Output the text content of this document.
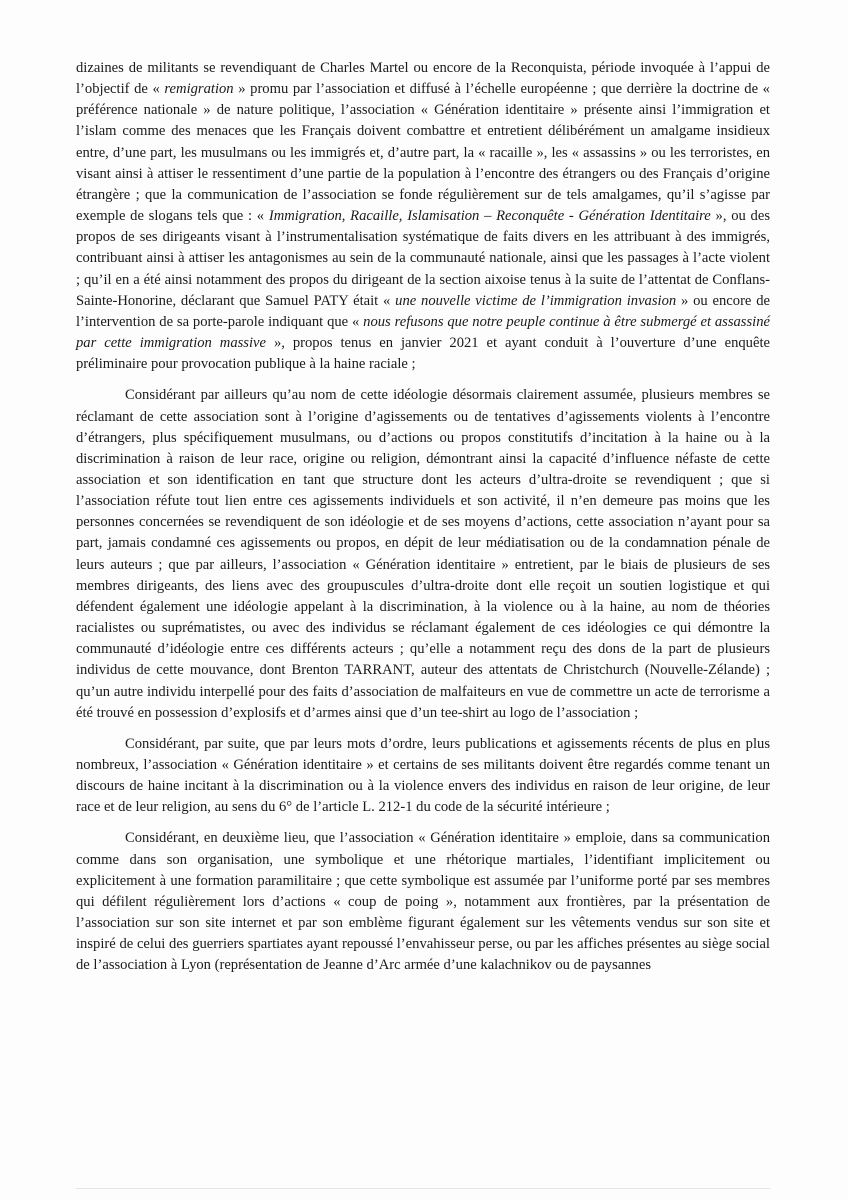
dizaines de militants se revendiquant de Charles Martel ou encore de la Reconquista, période invoquée à l’appui de l’objectif de « remigration » promu par l’association et diffusé à l’échelle européenne ; que derrière la doctrine de « préférence nationale » de nature politique, l’association « Génération identitaire » présente ainsi l’immigration et l’islam comme des menaces que les Français doivent combattre et entretient délibérément un amalgame insidieux entre, d’une part, les musulmans ou les immigrés et, d’autre part, la « racaille », les « assassins » ou les terroristes, en visant ainsi à attiser le ressentiment d’une partie de la population à l’encontre des étrangers ou des Français d’origine étrangère ; que la communication de l’association se fonde régulièrement sur de tels amalgames, qu’il s’agisse par exemple de slogans tels que : « Immigration, Racaille, Islamisation – Reconquête - Génération Identitaire », ou des propos de ses dirigeants visant à l’instrumentalisation systématique de faits divers en les attribuant à des immigrés, contribuant ainsi à attiser les antagonismes au sein de la communauté nationale, ainsi que les passages à l’acte violent ; qu’il en a été ainsi notamment des propos du dirigeant de la section aixoise tenus à la suite de l’attentat de Conflans-Sainte-Honorine, déclarant que Samuel PATY était « une nouvelle victime de l’immigration invasion » ou encore de l’intervention de sa porte-parole indiquant que « nous refusons que notre peuple continue à être submergé et assassiné par cette immigration massive », propos tenus en janvier 2021 et ayant conduit à l’ouverture d’une enquête préliminaire pour provocation publique à la haine raciale ;

Considérant par ailleurs qu’au nom de cette idéologie désormais clairement assumée, plusieurs membres se réclamant de cette association sont à l’origine d’agissements ou de tentatives d’agissements violents à l’encontre d’étrangers, plus spécifiquement musulmans, ou d’actions ou propos constitutifs d’incitation à la haine ou à la discrimination à raison de leur race, origine ou religion, démontrant ainsi la capacité d’influence néfaste de cette association et son identification en tant que structure dont les acteurs d’ultra-droite se revendiquent ; que si l’association réfute tout lien entre ces agissements individuels et son activité, il n’en demeure pas moins que les personnes concernées se revendiquent de son idéologie et de ses moyens d’actions, cette association n’ayant pour sa part, jamais condamné ces agissements ou propos, en dépit de leur médiatisation ou de la condamnation pénale de leurs auteurs ; que par ailleurs, l’association « Génération identitaire » entretient, par le biais de plusieurs de ses membres dirigeants, des liens avec des groupuscules d’ultra-droite dont elle reçoit un soutien logistique et qui défendent également une idéologie appelant à la discrimination, à la violence ou à la haine, au nom de théories racialistes ou suprématistes, ou avec des individus se réclamant également de ces idéologies ce qui démontre la communauté d’idéologie entre ces différents acteurs ; qu’elle a notamment reçu des dons de la part de plusieurs individus de cette mouvance, dont Brenton TARRANT, auteur des attentats de Christchurch (Nouvelle-Zélande) ; qu’un autre individu interpellé pour des faits d’association de malfaiteurs en vue de commettre un acte de terrorisme a été trouvé en possession d’explosifs et d’armes ainsi que d’un tee-shirt au logo de l’association ;

Considérant, par suite, que par leurs mots d’ordre, leurs publications et agissements récents de plus en plus nombreux, l’association « Génération identitaire » et certains de ses militants doivent être regardés comme tenant un discours de haine incitant à la discrimination ou à la violence envers des individus en raison de leur origine, de leur race et de leur religion, au sens du 6° de l’article L. 212-1 du code de la sécurité intérieure ;

Considérant, en deuxième lieu, que l’association « Génération identitaire » emploie, dans sa communication comme dans son organisation, une symbolique et une rhétorique martiales, l’identifiant implicitement ou explicitement à une formation paramilitaire ; que cette symbolique est assumée par l’uniforme porté par ses membres qui défilent régulièrement lors d’actions « coup de poing », notamment aux frontières, par la présentation de l’association sur son site internet et par son emblème figurant également sur les vêtements vendus sur son site et inspiré de celui des guerriers spartiates ayant repoussé l’envahisseur perse, ou par les affiches présentes au siège social de l’association à Lyon (représentation de Jeanne d’Arc armée d’une kalachnikov ou de paysannes
